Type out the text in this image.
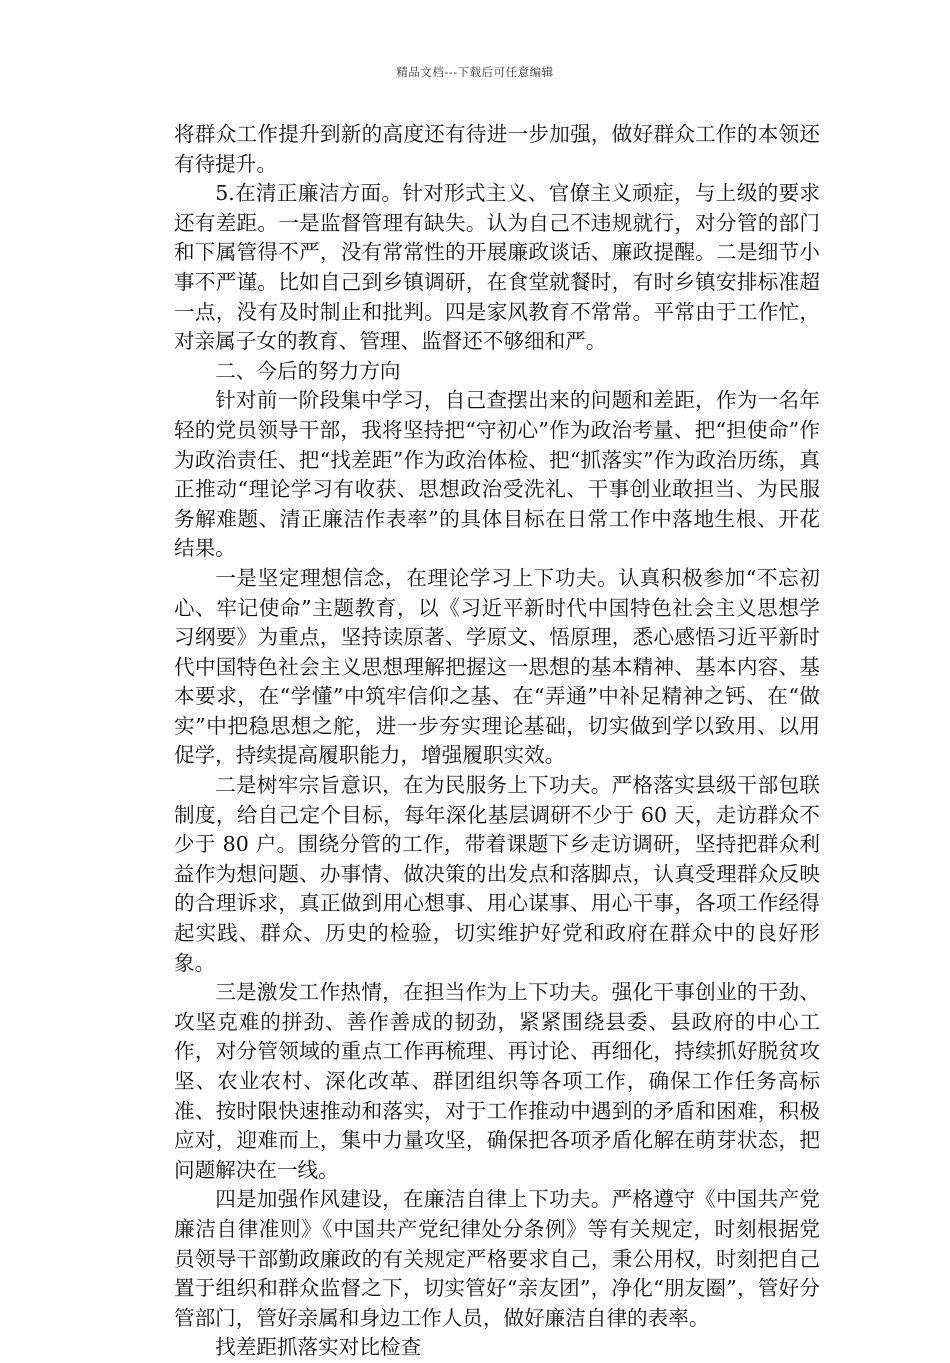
精品文档---下载后可任意编辑

将群众工作提升到新的高度还有待进一步加强，做好群众工作的本领还有待提升。

5.在清正廉洁方面。针对形式主义、官僚主义顽症，与上级的要求还有差距。一是监督管理有缺失。认为自己不违规就行，对分管的部门和下属管得不严，没有常常性的开展廉政谈话、廉政提醒。二是细节小事不严谨。比如自己到乡镇调研，在食堂就餐时，有时乡镇安排标准超一点，没有及时制止和批判。四是家风教育不常常。平常由于工作忙，对亲属子女的教育、管理、监督还不够细和严。

二、今后的努力方向

针对前一阶段集中学习，自己查摆出来的问题和差距，作为一名年轻的党员领导干部，我将坚持把“守初心”作为政治考量、把“担使命”作为政治责任、把“找差距”作为政治体检、把“抓落实”作为政治历练，真正推动“理论学习有收获、思想政治受洗礼、干事创业敢担当、为民服务解难题、清正廉洁作表率”的具体目标在日常工作中落地生根、开花结果。

一是坚定理想信念，在理论学习上下功夫。认真积极参加“不忘初心、牢记使命”主题教育，以《习近平新时代中国特色社会主义思想学习纲要》为重点，坚持读原著、学原文、悟原理，悉心感悟习近平新时代中国特色社会主义思想理解把握这一思想的基本精神、基本内容、基本要求，在“学懂”中筑牢信仰之基、在“弄通”中补足精神之钙、在“做实”中把稳思想之舵，进一步夯实理论基础，切实做到学以致用、以用促学，持续提高履职能力，增强履职实效。

二是树牢宗旨意识，在为民服务上下功夫。严格落实县级干部包联制度，给自己定个目标，每年深化基层调研不少于 60 天，走访群众不少于 80 户。围绕分管的工作，带着课题下乡走访调研，坚持把群众利益作为想问题、办事情、做决策的出发点和落脚点，认真受理群众反映的合理诉求，真正做到用心想事、用心谋事、用心干事，各项工作经得起实践、群众、历史的检验，切实维护好党和政府在群众中的良好形象。

三是激发工作热情，在担当作为上下功夫。强化干事创业的干劲、攻坚克难的拼劲、善作善成的韧劲，紧紧围绕县委、县政府的中心工作，对分管领域的重点工作再梳理、再讨论、再细化，持续抓好脱贫攻坚、农业农村、深化改革、群团组织等各项工作，确保工作任务高标准、按时限快速推动和落实，对于工作推动中遇到的矛盾和困难，积极应对，迎难而上，集中力量攻坚，确保把各项矛盾化解在萌芽状态，把问题解决在一线。

四是加强作风建设，在廉洁自律上下功夫。严格遵守《中国共产党廉洁自律准则》《中国共产党纪律处分条例》等有关规定，时刻根据党员领导干部勤政廉政的有关规定严格要求自己，秉公用权，时刻把自己置于组织和群众监督之下，切实管好“亲友团”，净化“朋友圈”，管好分管部门，管好亲属和身边工作人员，做好廉洁自律的表率。

找差距抓落实对比检查
